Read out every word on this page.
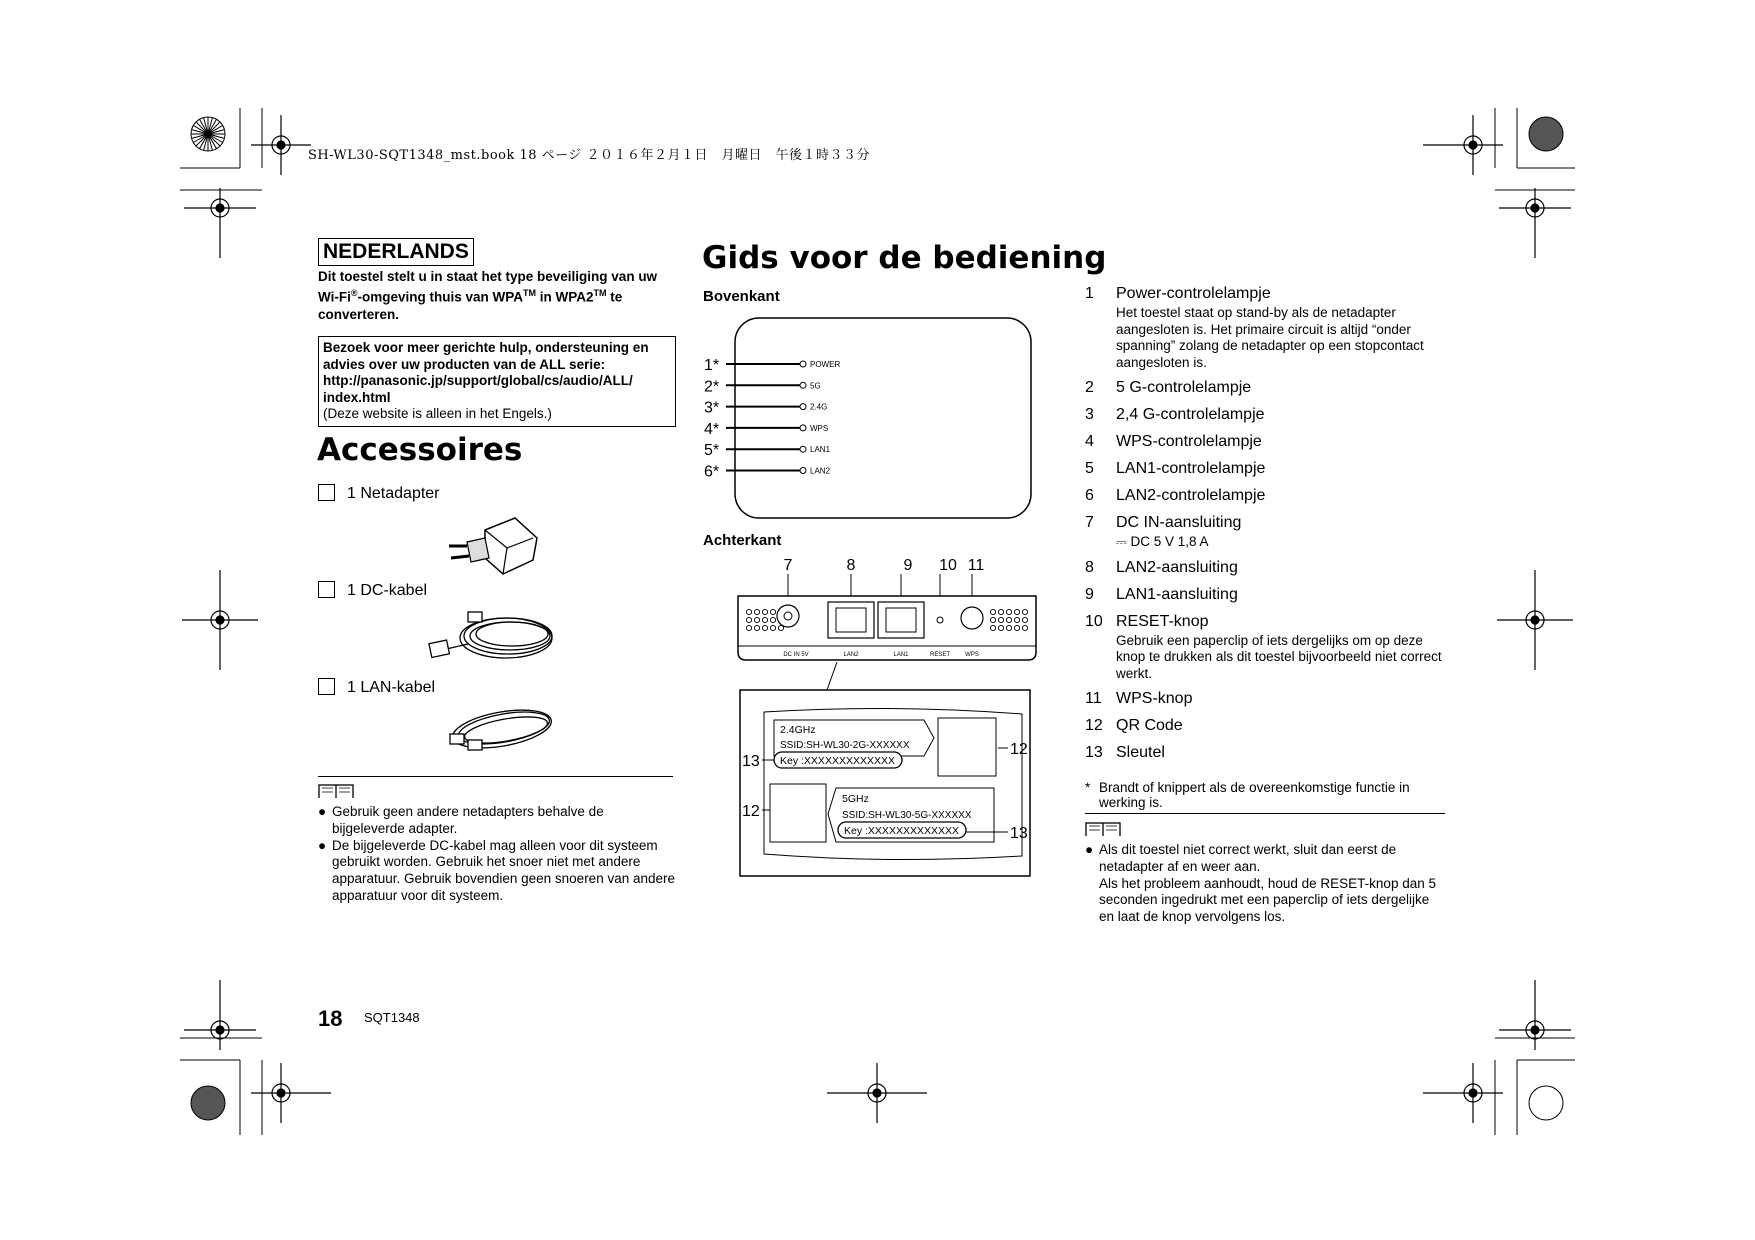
SH-WL30-SQT1348_mst.book 18 ページ ２０１６年２月１日　月曜日　午後１時３３分
NEDERLANDS
Dit toestel stelt u in staat het type beveiliging van uw Wi-Fi®-omgeving thuis van WPA™ in WPA2™ te converteren.
Bezoek voor meer gerichte hulp, ondersteuning en advies over uw producten van de ALL serie: http://panasonic.jp/support/global/cs/audio/ALL/ index.html
(Deze website is alleen in het Engels.)
Accessoires
1 Netadapter
1 DC-kabel
1 LAN-kabel
● Gebruik geen andere netadapters behalve de bijgeleverde adapter.
● De bijgeleverde DC-kabel mag alleen voor dit systeem gebruikt worden. Gebruik het snoer niet met andere apparatuur. Gebruik bovendien geen snoeren van andere apparatuur voor dit systeem.
Gids voor de bediening
Bovenkant
1*	POWER
2*	5G
3*	2.4G
4*	WPS
5*	LAN1
6*	LAN2
Achterkant
7	8	9 10 11
DC IN 5V	LAN2	LAN1	RESET	WPS
2.4GHz
SSID:SH-WL30-2G-XXXXXX
Key :XXXXXXXXXXXXX
5GHz
SSID:SH-WL30-5G-XXXXXX
Key :XXXXXXXXXXXXX
13
12
12
13
1 Power-controlelampje
Het toestel staat op stand-by als de netadapter aangesloten is. Het primaire circuit is altijd “onder spanning” zolang de netadapter op een stopcontact aangesloten is.
2 5 G-controlelampje
3 2,4 G-controlelampje
4 WPS-controlelampje
5 LAN1-controlelampje
6 LAN2-controlelampje
7 DC IN-aansluiting
⎓ DC 5 V 1,8 A
8 LAN2-aansluiting
9 LAN1-aansluiting
10 RESET-knop
Gebruik een paperclip of iets dergelijks om op deze knop te drukken als dit toestel bijvoorbeeld niet correct werkt.
11 WPS-knop
12 QR Code
13 Sleutel
* Brandt of knippert als de overeenkomstige functie in werking is.
● Als dit toestel niet correct werkt, sluit dan eerst de netadapter af en weer aan.
Als het probleem aanhoudt, houd de RESET-knop dan 5 seconden ingedrukt met een paperclip of iets dergelijke en laat de knop vervolgens los.
18 SQT1348
